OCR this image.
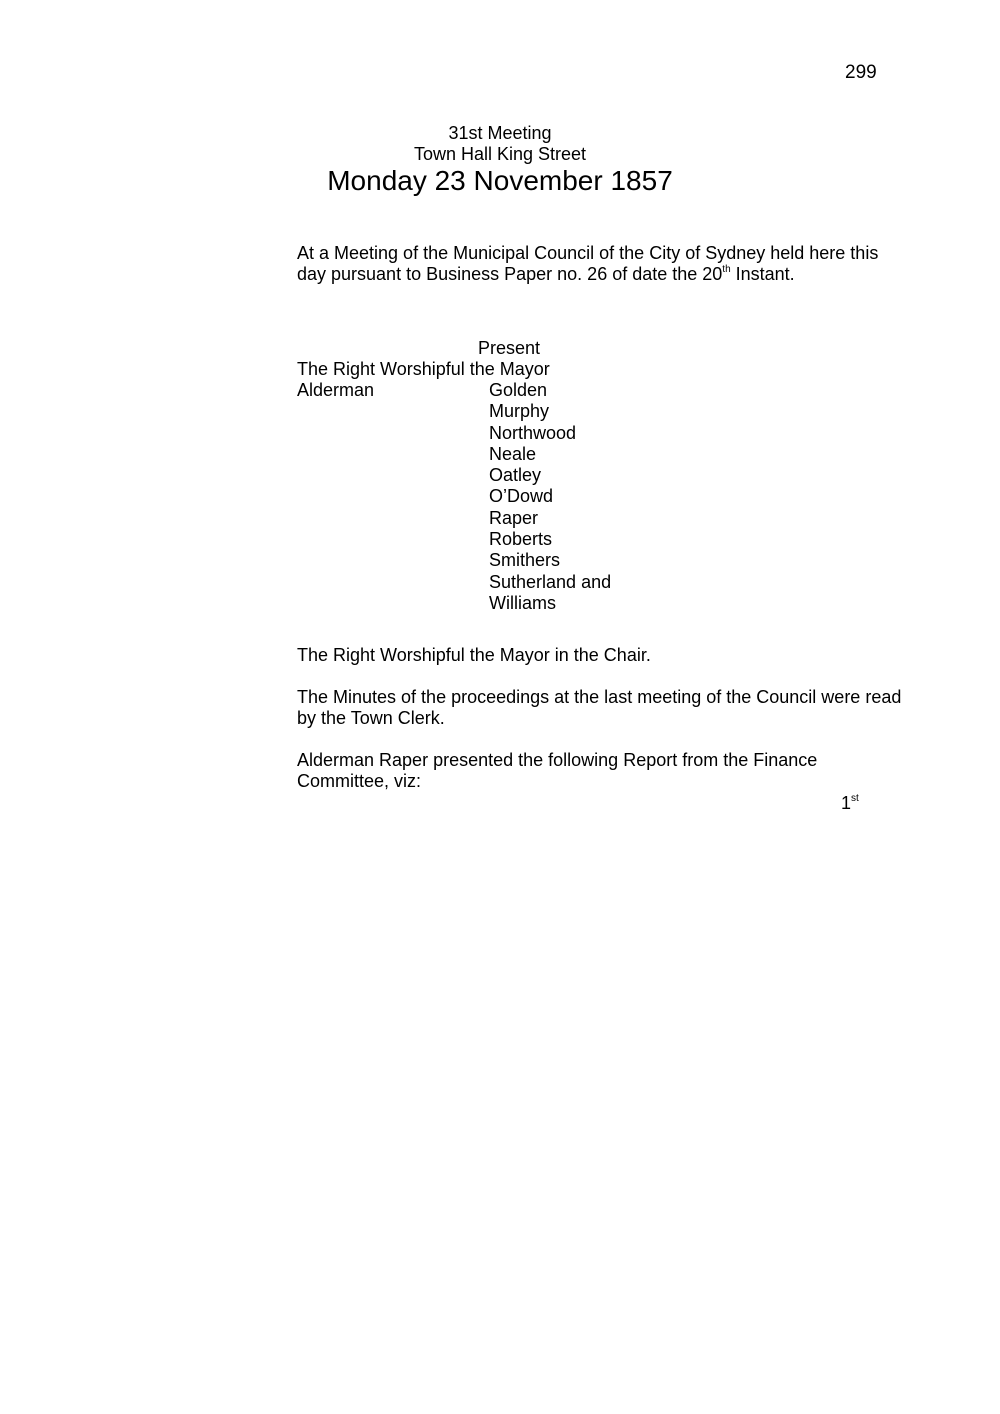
299
31st Meeting
Town Hall King Street
Monday 23 November 1857

At a Meeting of the Municipal Council of the City of Sydney held here this day pursuant to Business Paper no. 26 of date the 20th Instant.

Present
The Right Worshipful the Mayor
Alderman	Golden
Murphy
Northwood
Neale
Oatley
O’Dowd
Raper
Roberts
Smithers
Sutherland and
Williams

The Right Worshipful the Mayor in the Chair.

The Minutes of the proceedings at the last meeting of the Council were read by the Town Clerk.

Alderman Raper presented the following Report from the Finance Committee, viz:

1st
